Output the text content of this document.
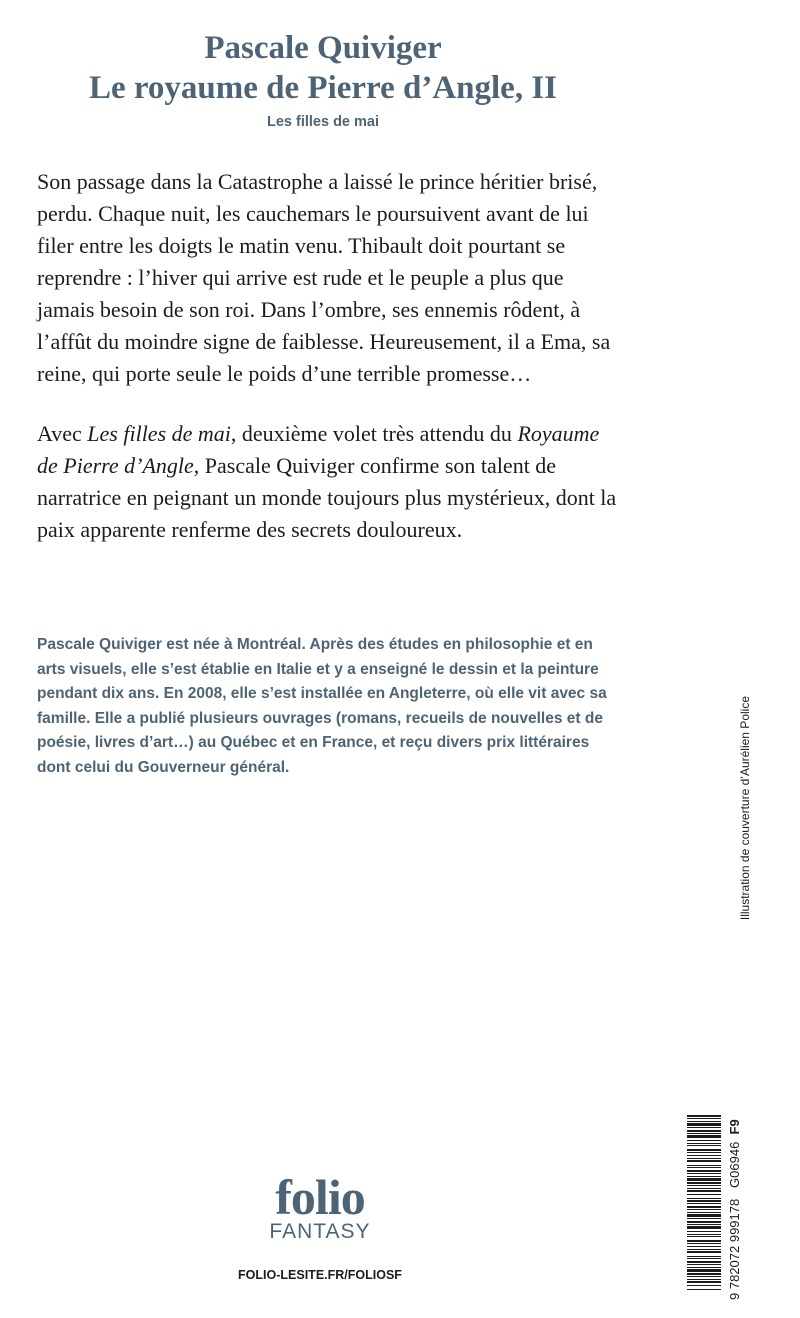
Pascale Quiviger
Le royaume de Pierre d’Angle, II
Les filles de mai

Son passage dans la Catastrophe a laissé le prince héritier brisé, perdu. Chaque nuit, les cauchemars le poursuivent avant de lui filer entre les doigts le matin venu. Thibault doit pourtant se reprendre : l’hiver qui arrive est rude et le peuple a plus que jamais besoin de son roi. Dans l’ombre, ses ennemis rôdent, à l’affût du moindre signe de faiblesse. Heureusement, il a Ema, sa reine, qui porte seule le poids d’une terrible promesse…

Avec Les filles de mai, deuxième volet très attendu du Royaume de Pierre d’Angle, Pascale Quiviger confirme son talent de narratrice en peignant un monde toujours plus mystérieux, dont la paix apparente renferme des secrets douloureux.

Pascale Quiviger est née à Montréal. Après des études en philosophie et en arts visuels, elle s’est établie en Italie et y a enseigné le dessin et la peinture pendant dix ans. En 2008, elle s’est installée en Angleterre, où elle vit avec sa famille. Elle a publié plusieurs ouvrages (romans, recueils de nouvelles et de poésie, livres d’art…) au Québec et en France, et reçu divers prix littéraires dont celui du Gouverneur général.	Illustration de couverture d’Aurélien Police
9 782072 999178   G06946  F9
folio
FANTASY
FOLIO-LESITE.FR/FOLIOSF
